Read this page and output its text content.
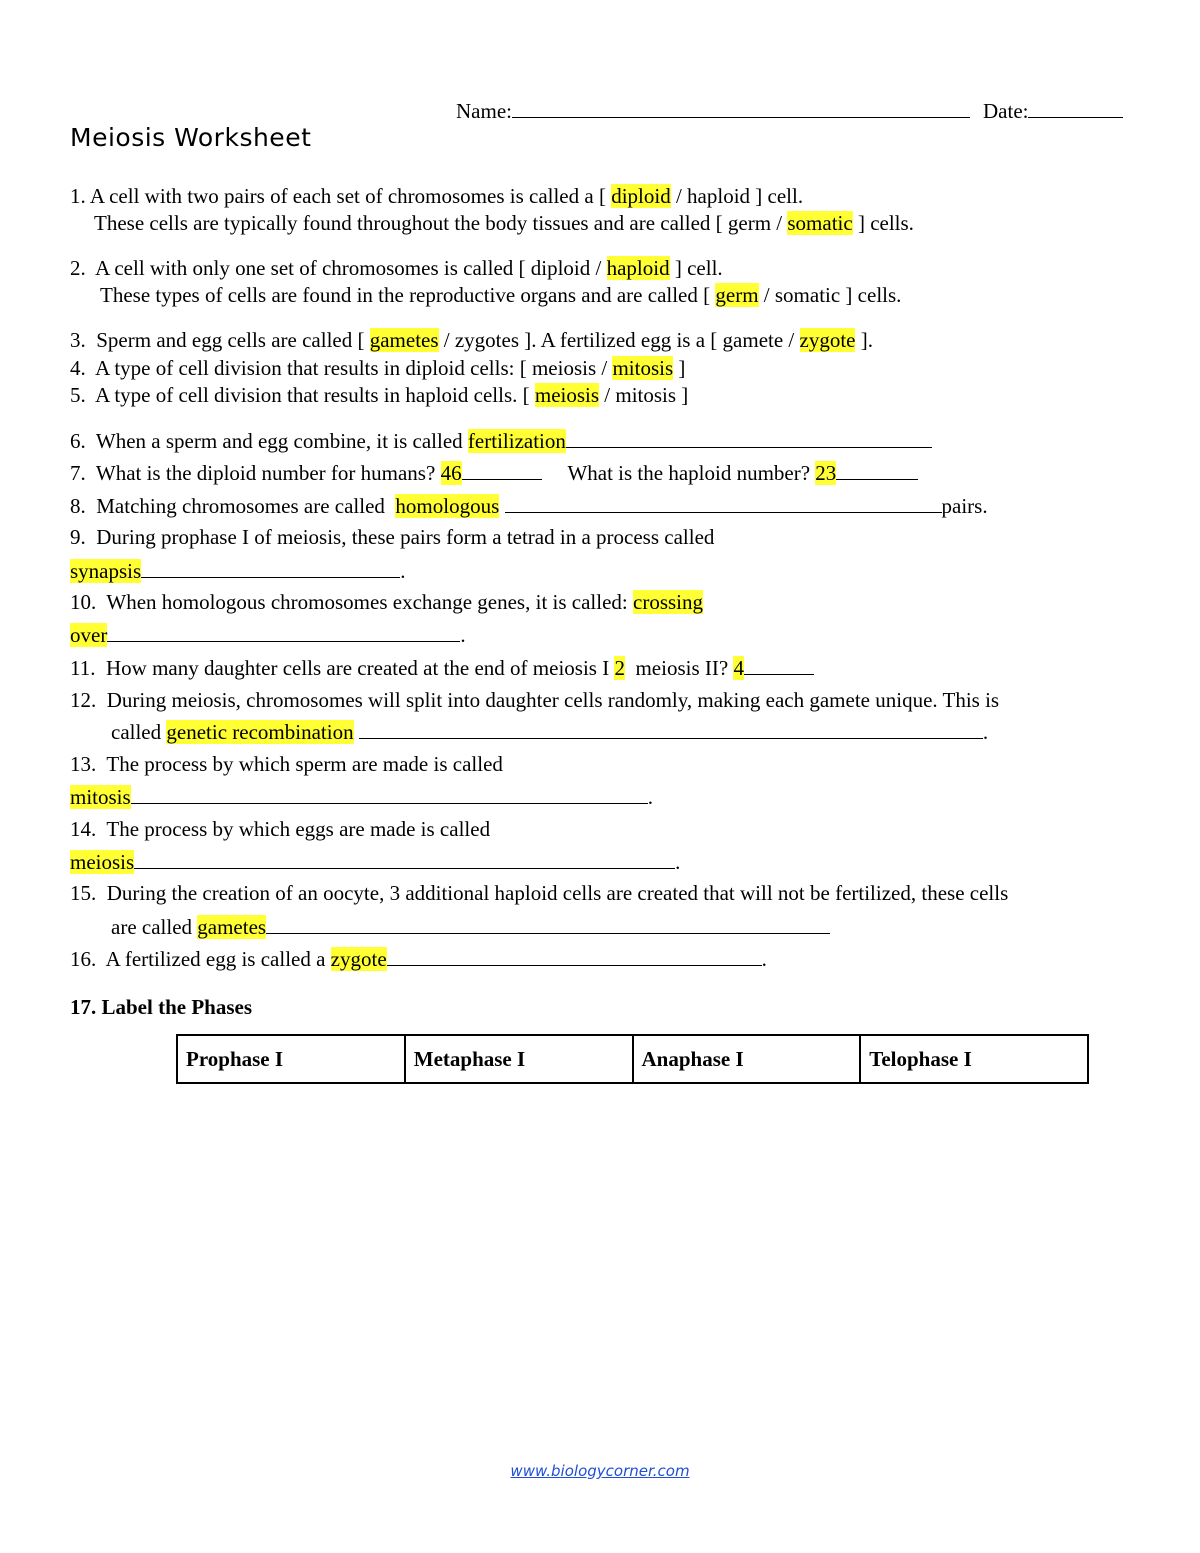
Name:	Date:
Meiosis Worksheet
1. A cell with two pairs of each set of chromosomes is called a [ diploid / haploid ] cell.
These cells are typically found throughout the body tissues and are called [ germ / somatic ] cells.
2. A cell with only one set of chromosomes is called [ diploid / haploid ] cell.
These types of cells are found in the reproductive organs and are called [ germ / somatic ] cells.
3. Sperm and egg cells are called [ gametes / zygotes ]. A fertilized egg is a [ gamete / zygote ].
4. A type of cell division that results in diploid cells: [ meiosis / mitosis ]
5. A type of cell division that results in haploid cells. [ meiosis / mitosis ]
6. When a sperm and egg combine, it is called fertilization
7. What is the diploid number for humans? 46	What is the haploid number? 23
8. Matching chromosomes are called homologous	pairs.
9. During prophase I of meiosis, these pairs form a tetrad in a process called
synapsis	.
10. When homologous chromosomes exchange genes, it is called: crossing
over	.
11. How many daughter cells are created at the end of meiosis I 2 meiosis II? 4
12. During meiosis, chromosomes will split into daughter cells randomly, making each gamete unique. This is
called genetic recombination	.
13. The process by which sperm are made is called
mitosis	.
14. The process by which eggs are made is called
meiosis	.
15. During the creation of an oocyte, 3 additional haploid cells are created that will not be fertilized, these cells
are called gametes
16. A fertilized egg is called a zygote	.
17. Label the Phases
Prophase I	Metaphase I	Anaphase I	Telophase I
www.biologycorner.com
